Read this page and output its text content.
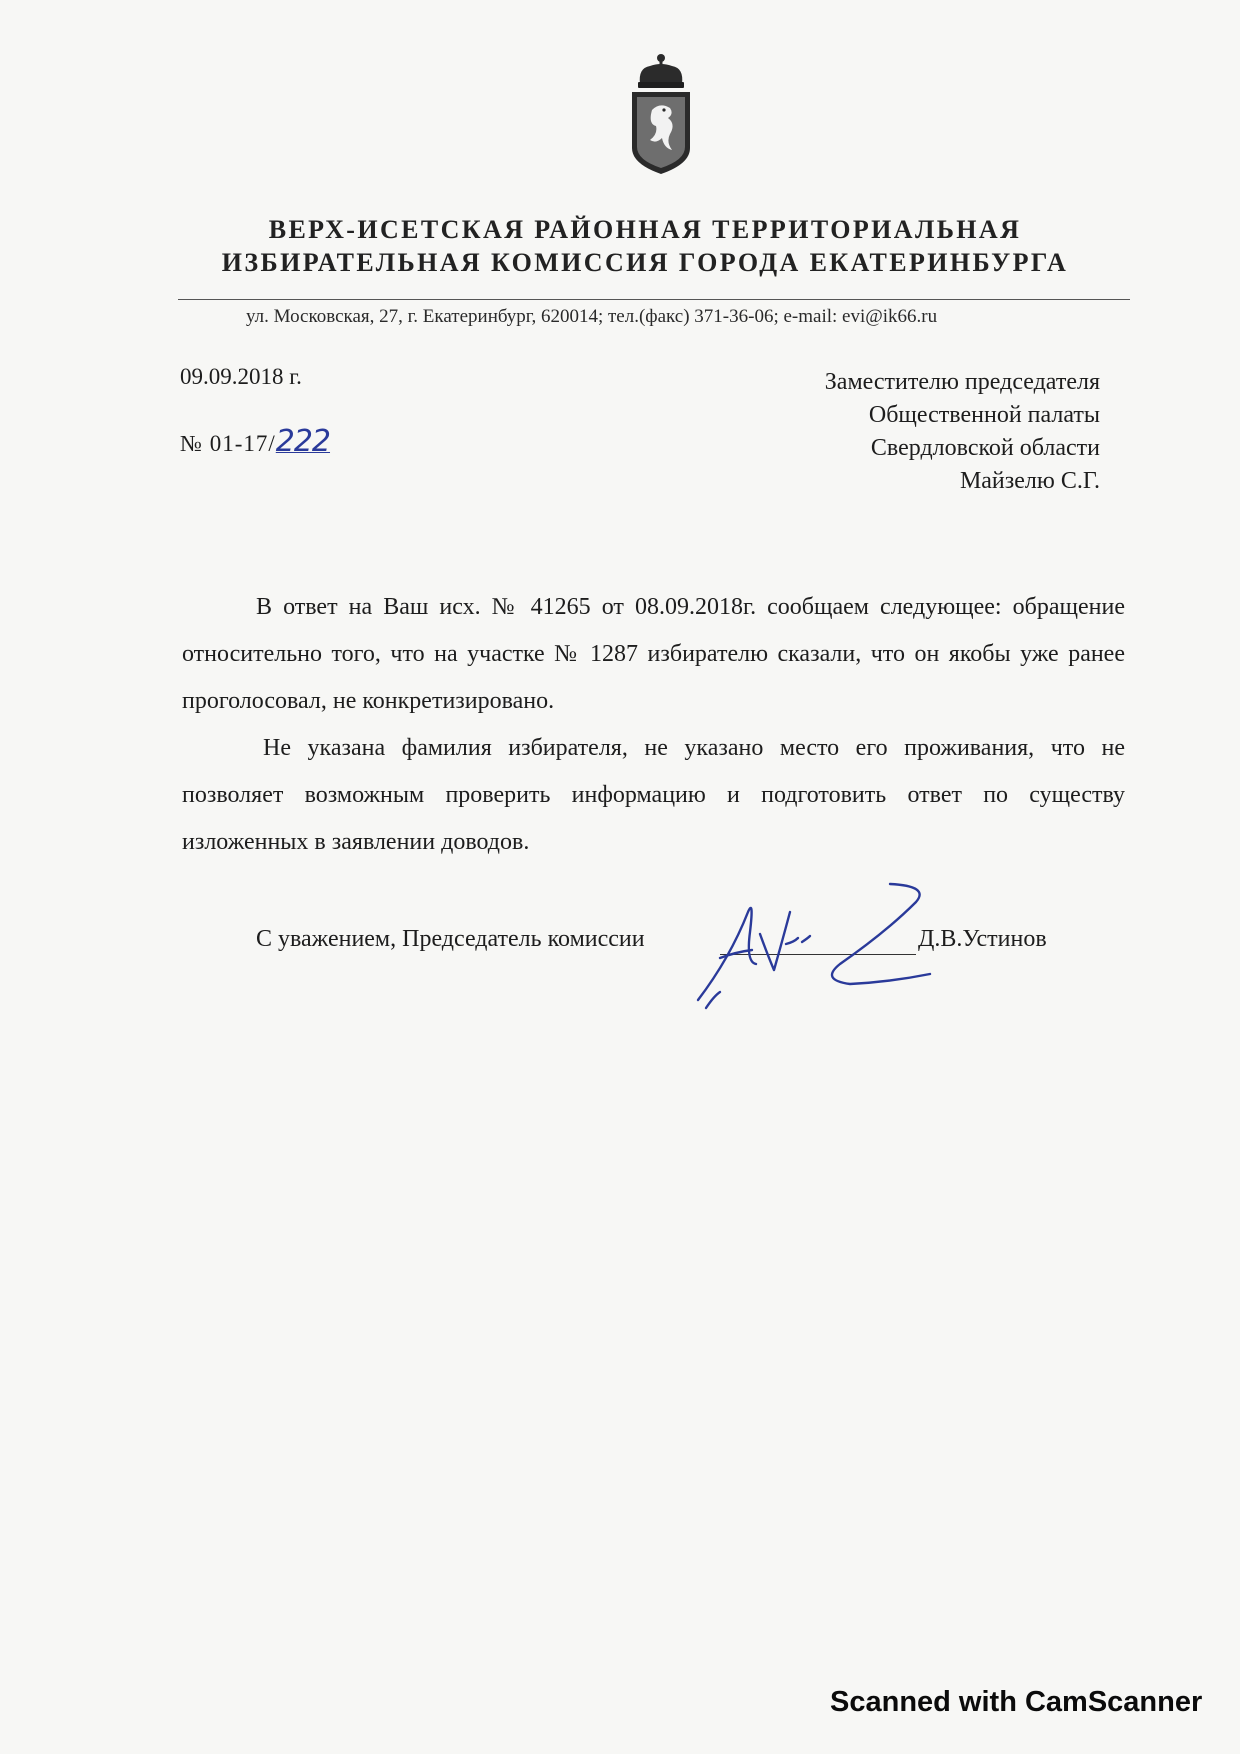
ВЕРХ-ИСЕТСКАЯ РАЙОННАЯ ТЕРРИТОРИАЛЬНАЯ
ИЗБИРАТЕЛЬНАЯ КОМИССИЯ ГОРОДА ЕКАТЕРИНБУРГА
ул. Московская, 27, г. Екатеринбург, 620014; тел.(факс) 371-36-06; e-mail: evi@ik66.ru
09.09.2018 г.
№ 01-17/222
Заместителю председателя
Общественной палаты
Свердловской области
Майзелю С.Г.

В ответ на Ваш исх. № 41265 от 08.09.2018г. сообщаем следующее: обращение относительно того, что на участке № 1287 избирателю сказали, что он якобы уже ранее проголосовал, не конкретизировано.

Не указана фамилия избирателя, не указано место его проживания, что не позволяет возможным проверить информацию и подготовить ответ по существу изложенных в заявлении доводов.

С уважением, Председатель комиссии	Д.В.Устинов
Scanned with CamScanner
